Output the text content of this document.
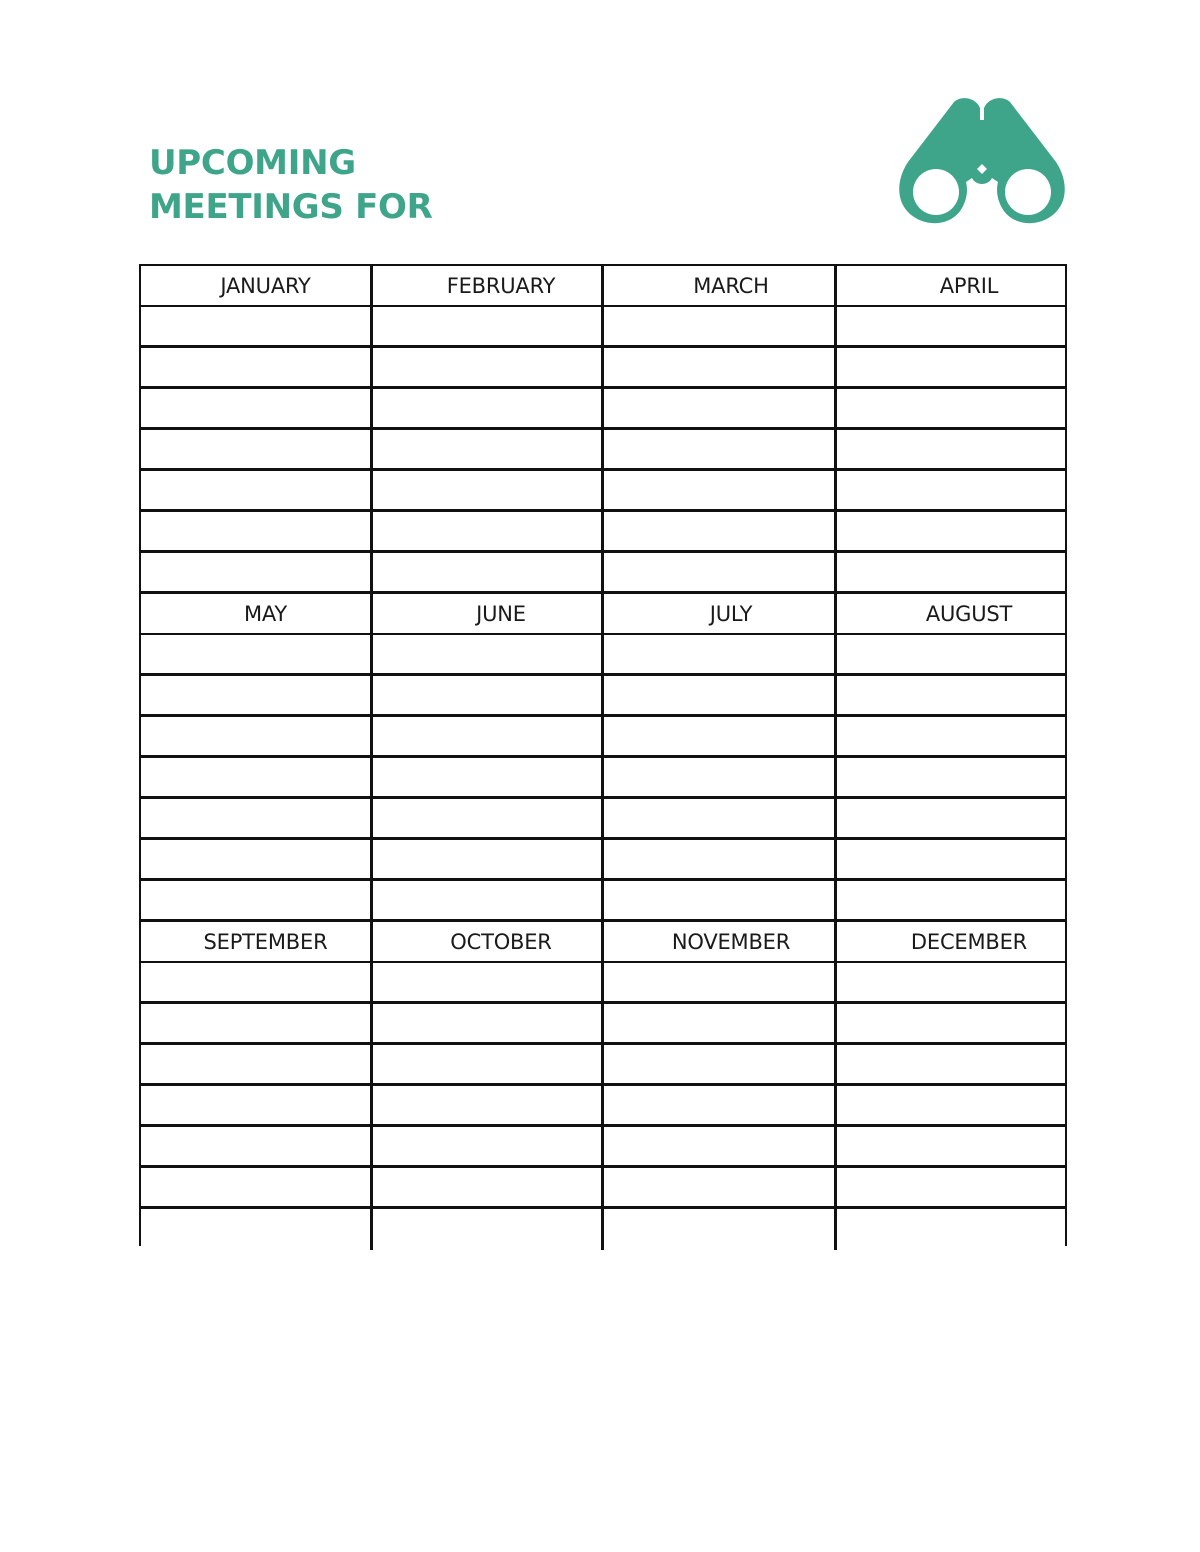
UPCOMING
MEETINGS FOR
JANUARY	FEBRUARY	MARCH	APRIL
MAY	JUNE	JULY	AUGUST
SEPTEMBER	OCTOBER	NOVEMBER	DECEMBER
